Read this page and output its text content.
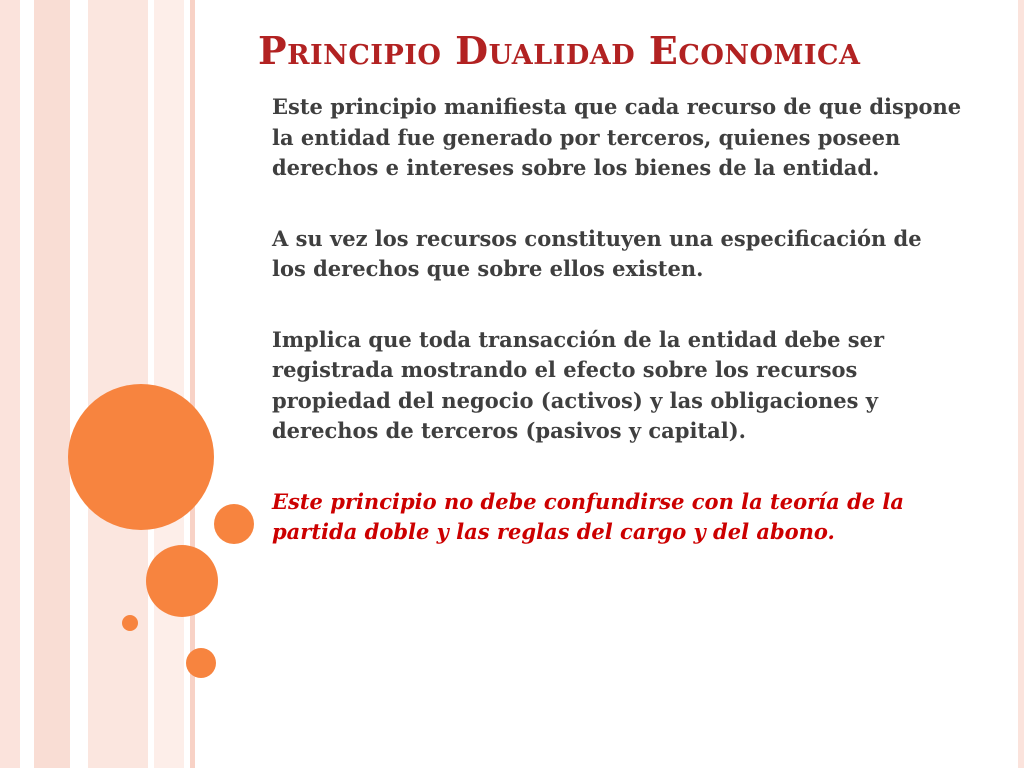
Principio Dualidad Economica

Este principio manifiesta que cada recurso de que dispone la entidad fue generado por terceros, quienes poseen derechos e intereses sobre los bienes de la entidad.

A su vez los recursos constituyen una especificación de los derechos que sobre ellos existen.

Implica que toda transacción de la entidad debe ser registrada mostrando el efecto sobre los recursos propiedad del negocio (activos) y las obligaciones y derechos de terceros (pasivos y capital).

Este principio no debe confundirse con la teoría de la partida doble y las reglas del cargo y del abono.
